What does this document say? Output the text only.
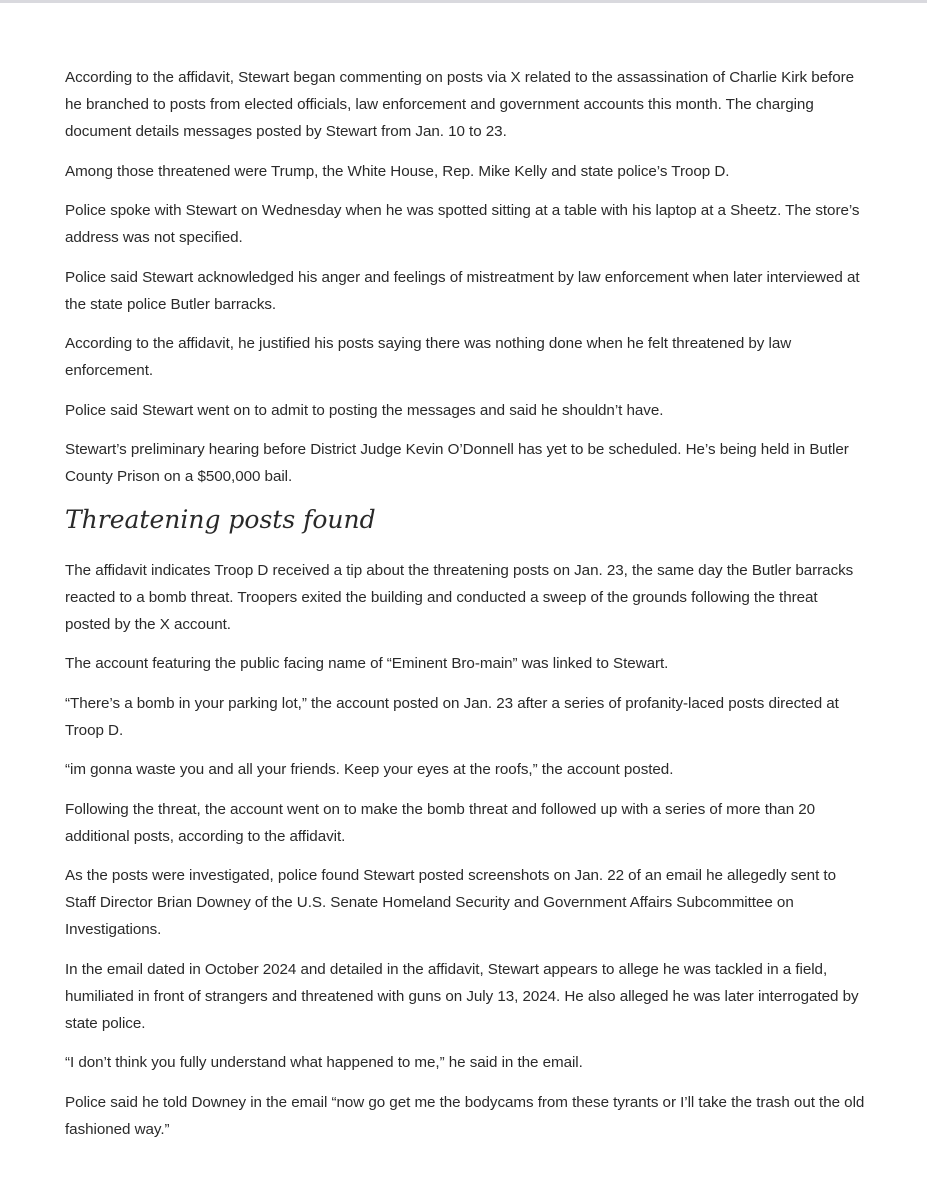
According to the affidavit, Stewart began commenting on posts via X related to the assassination of Charlie Kirk before he branched to posts from elected officials, law enforcement and government accounts this month. The charging document details messages posted by Stewart from Jan. 10 to 23.

Among those threatened were Trump, the White House, Rep. Mike Kelly and state police’s Troop D.

Police spoke with Stewart on Wednesday when he was spotted sitting at a table with his laptop at a Sheetz. The store’s address was not specified.

Police said Stewart acknowledged his anger and feelings of mistreatment by law enforcement when later interviewed at the state police Butler barracks.

According to the affidavit, he justified his posts saying there was nothing done when he felt threatened by law enforcement.

Police said Stewart went on to admit to posting the messages and said he shouldn’t have.

Stewart’s preliminary hearing before District Judge Kevin O’Donnell has yet to be scheduled. He’s being held in Butler County Prison on a $500,000 bail.

Threatening posts found

The affidavit indicates Troop D received a tip about the threatening posts on Jan. 23, the same day the Butler barracks reacted to a bomb threat. Troopers exited the building and conducted a sweep of the grounds following the threat posted by the X account.

The account featuring the public facing name of “Eminent Bro-main” was linked to Stewart.

“There’s a bomb in your parking lot,” the account posted on Jan. 23 after a series of profanity-laced posts directed at Troop D.

“im gonna waste you and all your friends. Keep your eyes at the roofs,” the account posted.

Following the threat, the account went on to make the bomb threat and followed up with a series of more than 20 additional posts, according to the affidavit.

As the posts were investigated, police found Stewart posted screenshots on Jan. 22 of an email he allegedly sent to Staff Director Brian Downey of the U.S. Senate Homeland Security and Government Affairs Subcommittee on Investigations.

In the email dated in October 2024 and detailed in the affidavit, Stewart appears to allege he was tackled in a field, humiliated in front of strangers and threatened with guns on July 13, 2024. He also alleged he was later interrogated by state police.

“I don’t think you fully understand what happened to me,” he said in the email.

Police said he told Downey in the email “now go get me the bodycams from these tyrants or I’ll take the trash out the old fashioned way.”
